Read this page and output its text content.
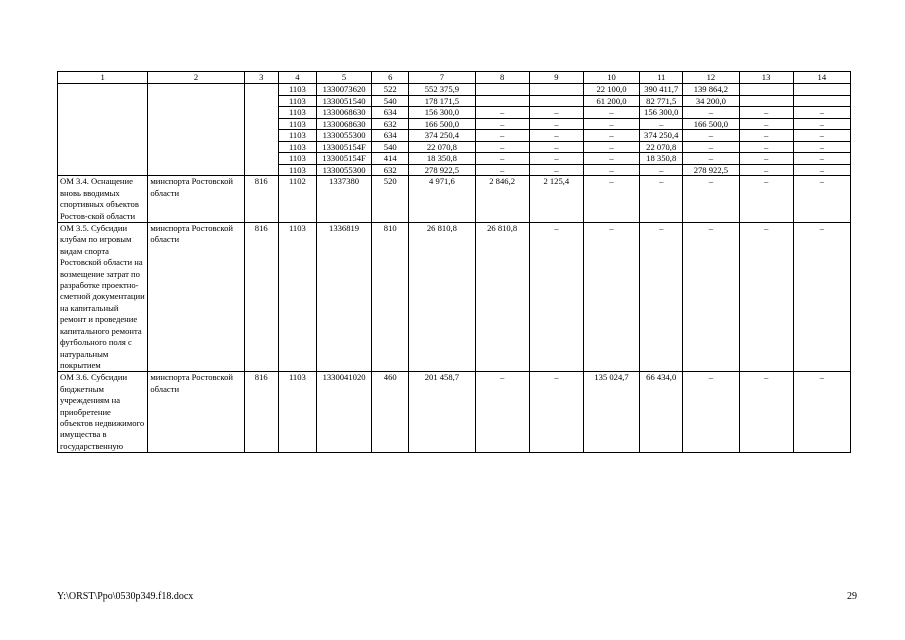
1	2	3	4	5	6	7	8	9	10	11	12	13	14
			1103	1330073620	522	552 375,9			22 100,0	390 411,7	139 864,2		
			1103	1330051540	540	178 171,5			61 200,0	82 771,5	34 200,0		
			1103	1330068630	634	156 300,0	–	–	–	156 300,0	–	–	–
			1103	1330068630	632	166 500,0	–	–	–	–	166 500,0	–	–
			1103	1330055300	634	374 250,4	–	–	–	374 250,4	–	–	–
			1103	133005154F	540	22 070,8	–	–	–	22 070,8	–	–	–
			1103	133005154F	414	18 350,8	–	–	–	18 350,8	–	–	–
			1103	1330055300	632	278 922,5	–	–	–	–	278 922,5	–	–
ОМ 3.4. Оснащение вновь вводимых спортивных объектов Ростов-ской области	минспорта Ростовской области	816	1102	1337380	520	4 971,6	2 846,2	2 125,4	–	–	–	–	–
ОМ 3.5. Субсидии клубам по игровым видам спорта Ростовской области на возмещение затрат по разработке проектно-сметной документации на капитальный ремонт и проведение капитального ремонта футбольного поля с натуральным покрытием	минспорта Ростовской области	816	1103	1336819	810	26 810,8	26 810,8	–	–	–	–	–	–
ОМ 3.6. Субсидии бюджетным учреждениям на приобретение объектов недвижимого имущества в государственную	минспорта Ростовской области	816	1103	1330041020	460	201 458,7	–	–	135 024,7	66 434,0	–	–	–
Y:\ORST\Ppo\0530p349.f18.docx	29
